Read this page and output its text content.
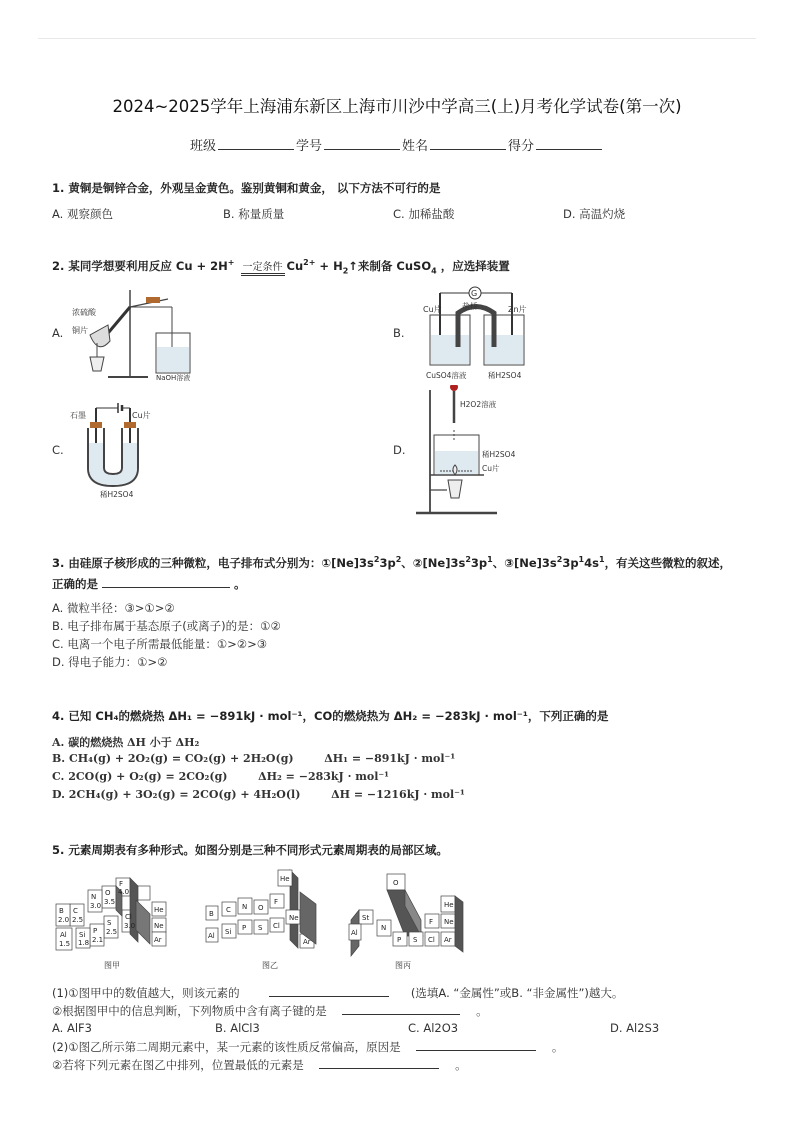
2024~2025学年上海浦东新区上海市川沙中学高三(上)月考化学试卷(第一次)
班级	学号	姓名	得分
1. 黄铜是铜锌合金，外观呈金黄色。鉴别黄铜和黄金， 以下方法不可行的是
A. 观察颜色	B. 称量质量	C. 加稀盐酸	D. 高温灼烧
2. 某同学想要利用反应 Cu + 2H+ 一定条件 $Cu^{2+}$ + $H_2↑$来制备 CuSO$_4$ ，应选择装置
A.	B.
C.	D.
浓硫酸
铜片
NaOH溶液
G
Cu片	Zn片
盐桥
CuSO4溶液	稀H2SO4
石墨	Cu片
稀H2SO4
H2O2溶液
稀H2SO4
Cu片
3. 由硅原子核形成的三种微粒，电子排布式分别为：$①[Ne]3s^23p^2$、$②[Ne]3s^23p^1$、$③[Ne]3s^23p^14s^1$，有关这些微粒的叙述，
正确的是	。
A. 微粒半径：③>①>②
B. 电子排布属于基态原子(或离子)的是：①②
C. 电离一个电子所需最低能量：①>②>③
D. 得电子能力：①>②
4. 已知 CH₄的燃烧热 ΔH₁ = −891kJ · mol⁻¹，CO的燃烧热为 ΔH₂ = −283kJ · mol⁻¹，下列正确的是
A. 碳的燃烧热 ΔH 小于 ΔH₂
B. CH₄(g) + 2O₂(g) = CO₂(g) + 2H₂O(g)        ΔH₁ = −891kJ · mol⁻¹
C. 2CO(g) + O₂(g) = 2CO₂(g)        ΔH₂ = −283kJ · mol⁻¹
D. 2CH₄(g) + 3O₂(g) = 2CO(g) + 4H₂O(l)        ΔH = −1216kJ · mol⁻¹
5. 元素周期表有多种形式。如图分别是三种不同形式元素周期表的局部区域。
F
4.0
O
3.5
N
3.0
C
2.5
B
2.0	Cl
3.0
S
2.5
P
2.1
Si
1.8
Al
1.5
He
Ne
Ar
图甲
He
B C N O
F
Ne
Al Si P S Cl
Ar
图乙
O
St
N
He
F Ne
Al
P S Cl Ar
图丙
(1)①图甲中的数值越大，则该元素的	(选填A. “金属性”或B. “非金属性”)越大。
②根据图甲中的信息判断，下列物质中含有离子键的是	。
A. AlF3	B. AlCl3	C. Al2O3	D. Al2S3
(2)①图乙所示第二周期元素中，某一元素的该性质反常偏高，原因是	。
②若将下列元素在图乙中排列，位置最低的元素是	。
